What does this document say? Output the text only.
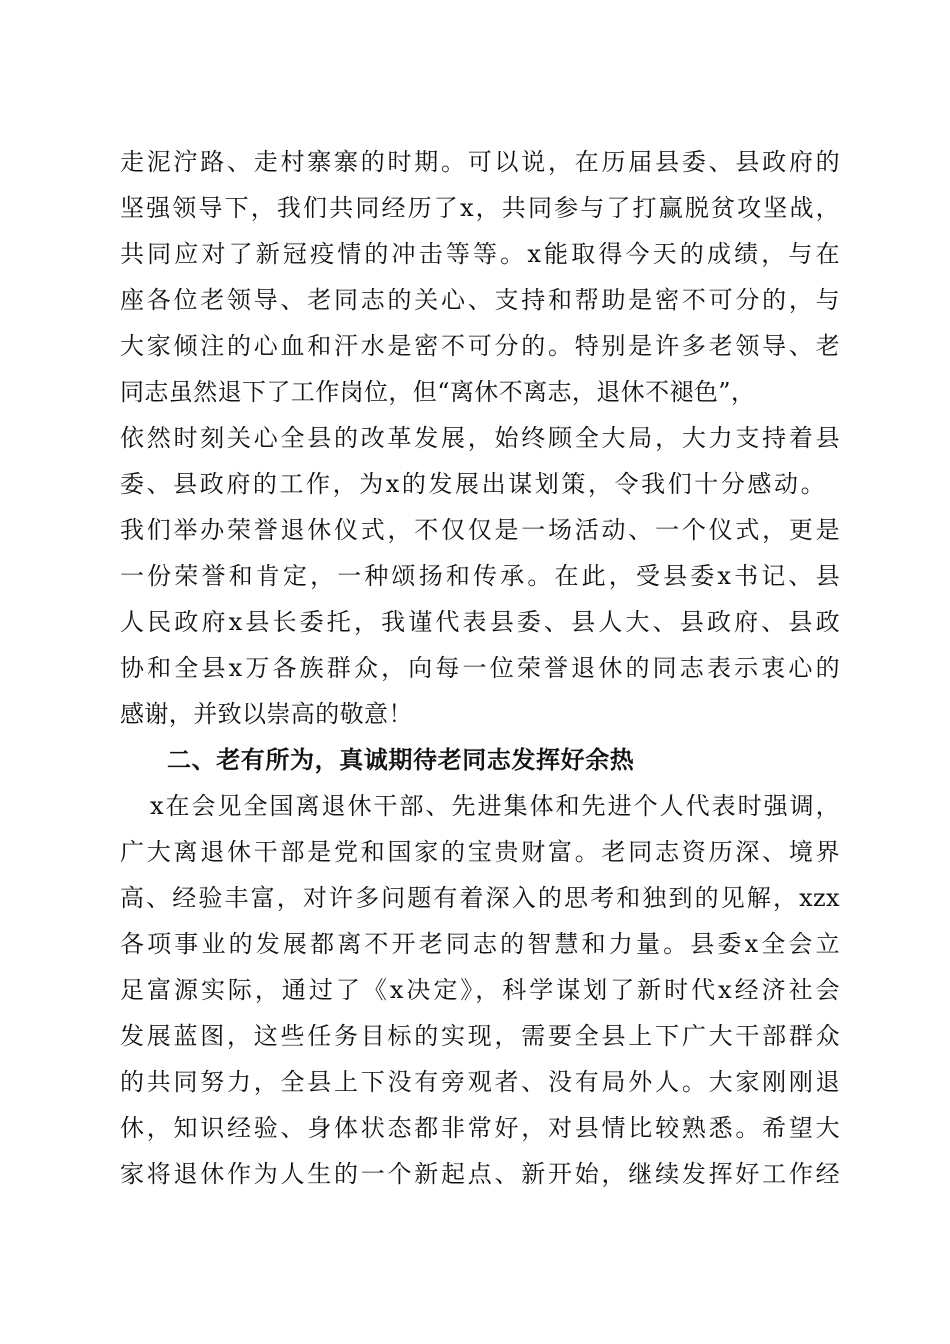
走泥泞路、走村寨寨的时期。可以说，在历届县委、县政府的
坚强领导下，我们共同经历了x，共同参与了打赢脱贫攻坚战，
共同应对了新冠疫情的冲击等等。x能取得今天的成绩，与在
座各位老领导、老同志的关心、支持和帮助是密不可分的，与
大家倾注的心血和汗水是密不可分的。特别是许多老领导、老
同志虽然退下了工作岗位，但“离休不离志，退休不褪色”，
依然时刻关心全县的改革发展，始终顾全大局，大力支持着县
委、县政府的工作，为x的发展出谋划策，令我们十分感动。
我们举办荣誉退休仪式，不仅仅是一场活动、一个仪式，更是
一份荣誉和肯定，一种颂扬和传承。在此，受县委x书记、县
人民政府x县长委托，我谨代表县委、县人大、县政府、县政
协和全县x万各族群众，向每一位荣誉退休的同志表示衷心的
感谢，并致以崇高的敬意！
二、老有所为，真诚期待老同志发挥好余热
x在会见全国离退休干部、先进集体和先进个人代表时强调，
广大离退休干部是党和国家的宝贵财富。老同志资历深、境界
高、经验丰富，对许多问题有着深入的思考和独到的见解，xzx
各项事业的发展都离不开老同志的智慧和力量。县委x全会立
足富源实际，通过了《x决定》，科学谋划了新时代x经济社会
发展蓝图，这些任务目标的实现，需要全县上下广大干部群众
的共同努力，全县上下没有旁观者、没有局外人。大家刚刚退
休，知识经验、身体状态都非常好，对县情比较熟悉。希望大
家将退休作为人生的一个新起点、新开始，继续发挥好工作经
